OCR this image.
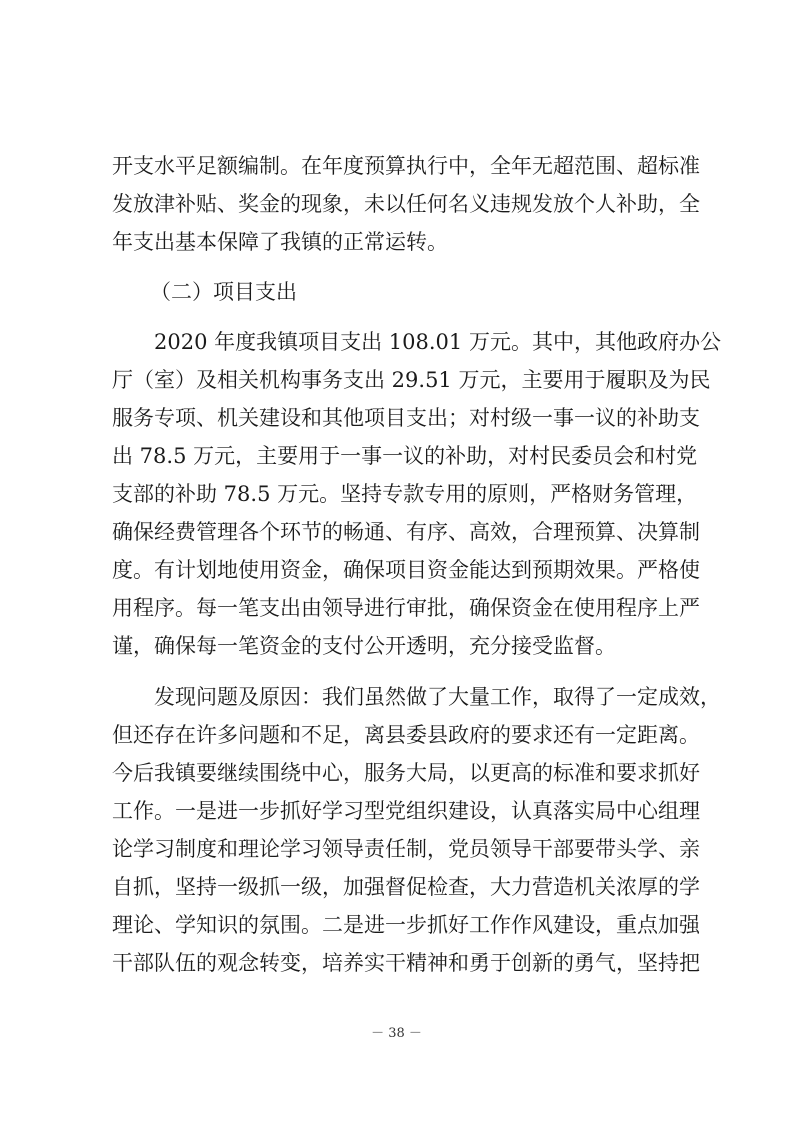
开支水平足额编制。在年度预算执行中，全年无超范围、超标准
发放津补贴、奖金的现象，未以任何名义违规发放个人补助，全
年支出基本保障了我镇的正常运转。
（二）项目支出
2020 年度我镇项目支出 108.01 万元。其中，其他政府办公
厅（室）及相关机构事务支出 29.51 万元，主要用于履职及为民
服务专项、机关建设和其他项目支出；对村级一事一议的补助支
出 78.5 万元，主要用于一事一议的补助，对村民委员会和村党
支部的补助 78.5 万元。坚持专款专用的原则，严格财务管理，
确保经费管理各个环节的畅通、有序、高效，合理预算、决算制
度。有计划地使用资金，确保项目资金能达到预期效果。严格使
用程序。每一笔支出由领导进行审批，确保资金在使用程序上严
谨，确保每一笔资金的支付公开透明，充分接受监督。
发现问题及原因：我们虽然做了大量工作，取得了一定成效，
但还存在许多问题和不足，离县委县政府的要求还有一定距离。
今后我镇要继续围绕中心，服务大局，以更高的标准和要求抓好
工作。一是进一步抓好学习型党组织建设，认真落实局中心组理
论学习制度和理论学习领导责任制，党员领导干部要带头学、亲
自抓，坚持一级抓一级，加强督促检查，大力营造机关浓厚的学
理论、学知识的氛围。二是进一步抓好工作作风建设，重点加强
干部队伍的观念转变，培养实干精神和勇于创新的勇气，坚持把
－ 38 －
